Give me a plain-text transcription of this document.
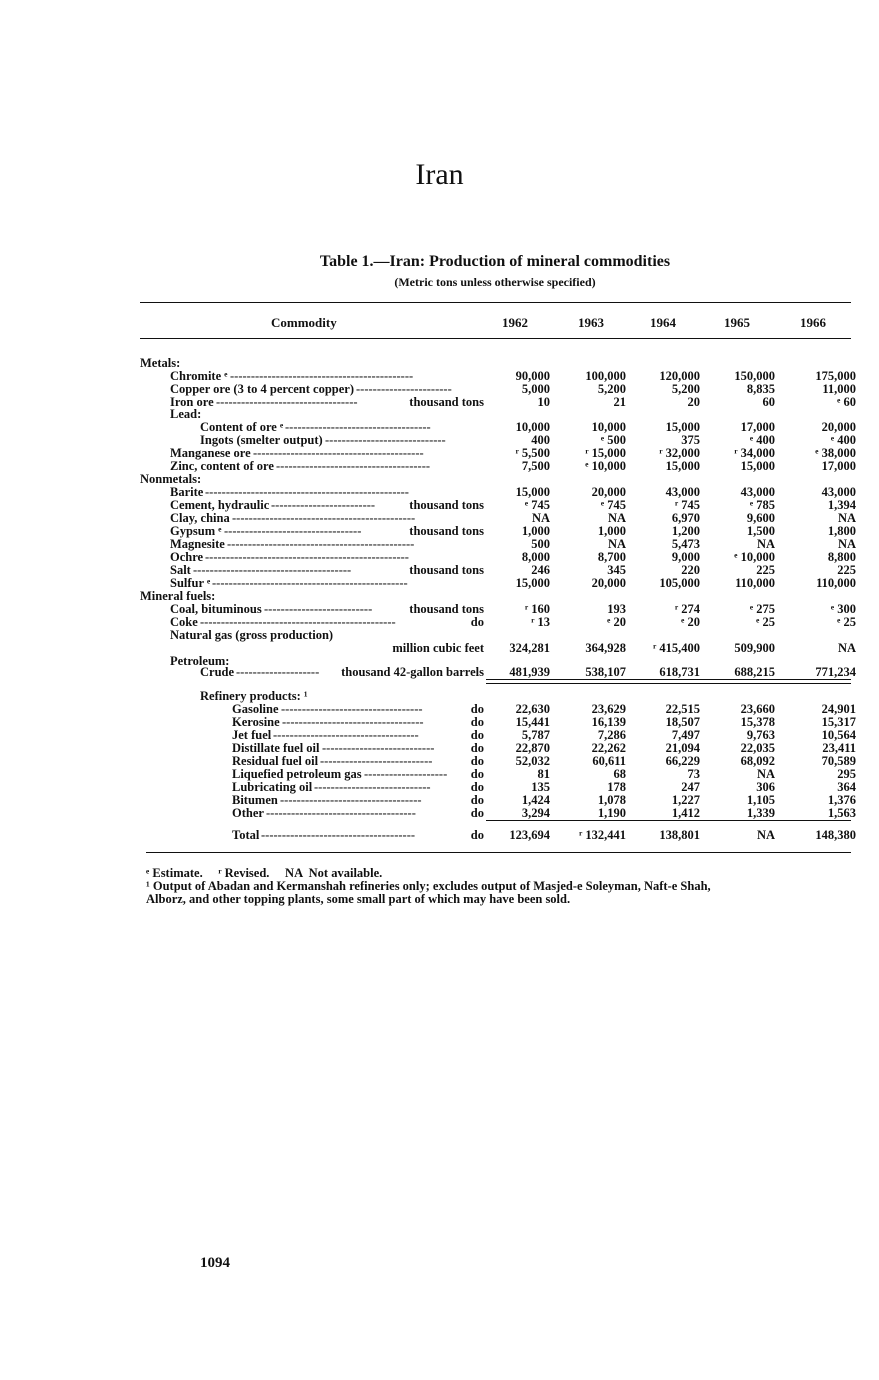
Iran
Table 1.—Iran: Production of mineral commodities
(Metric tons unless otherwise specified)
Commodity	1962	1963	1964	1965	1966
Metals:
Chromite ᵉ	90,000	100,000	120,000	150,000	175,000
--------------------------------------------
Copper ore (3 to 4 percent copper)	5,000	5,200	5,200	8,835	11,000
-----------------------
Iron ore	thousand tons	10	21	20	60	ᵉ 60
----------------------------------
Lead:
Content of ore ᵉ	10,000	10,000	15,000	17,000	20,000
-----------------------------------
Ingots (smelter output)	400	ᵉ 500	375	ᵉ 400	ᵉ 400
-----------------------------
Manganese ore	ʳ 5,500	ʳ 15,000	ʳ 32,000	ʳ 34,000	ᵉ 38,000
-----------------------------------------
Zinc, content of ore	7,500	ᵉ 10,000	15,000	15,000	17,000
-------------------------------------
Nonmetals:
Barite	15,000	20,000	43,000	43,000	43,000
-------------------------------------------------
Cement, hydraulic	thousand tons	ᵉ 745	ᵉ 745	ʳ 745	ᵉ 785	1,394
-------------------------
Clay, china	NA	NA	6,970	9,600	NA
--------------------------------------------
Gypsum ᵉ	thousand tons	1,000	1,000	1,200	1,500	1,800
---------------------------------
Magnesite	500	NA	5,473	NA	NA
---------------------------------------------
Ochre	8,000	8,700	9,000	ᵉ 10,000	8,800
-------------------------------------------------
Salt	thousand tons	246	345	220	225	225
--------------------------------------
Sulfur ᵉ	15,000	20,000	105,000	110,000	110,000
-----------------------------------------------
Mineral fuels:
Coal, bituminous	thousand tons	ʳ 160	193	ʳ 274	ᵉ 275	ᵉ 300
--------------------------
Coke	do	ʳ 13	ᵉ 20	ᵉ 20	ᵉ 25	ᵉ 25
-----------------------------------------------
Natural gas (gross production)
million cubic feet	324,281	364,928	ʳ 415,400	509,900	NA
Petroleum:
Crude	thousand 42-gallon barrels	481,939	538,107	618,731	688,215	771,234
--------------------
Refinery products: ¹
Gasoline	do	22,630	23,629	22,515	23,660	24,901
----------------------------------
Kerosine	do	15,441	16,139	18,507	15,378	15,317
----------------------------------
Jet fuel	do	5,787	7,286	7,497	9,763	10,564
-----------------------------------
Distillate fuel oil	do	22,870	22,262	21,094	22,035	23,411
---------------------------
Residual fuel oil	do	52,032	60,611	66,229	68,092	70,589
---------------------------
Liquefied petroleum gas	do	81	68	73	NA	295
--------------------
Lubricating oil	do	135	178	247	306	364
----------------------------
Bitumen	do	1,424	1,078	1,227	1,105	1,376
----------------------------------
Other	do	3,294	1,190	1,412	1,339	1,563
------------------------------------
Total	do	123,694	ʳ 132,441	138,801	NA	148,380
-------------------------------------
ᵉ Estimate.     ʳ Revised.     NA  Not available.
¹ Output of Abadan and Kermanshah refineries only; excludes output of Masjed-e Soleyman, Naft-e Shah,
Alborz, and other topping plants, some small part of which may have been sold.
1094
